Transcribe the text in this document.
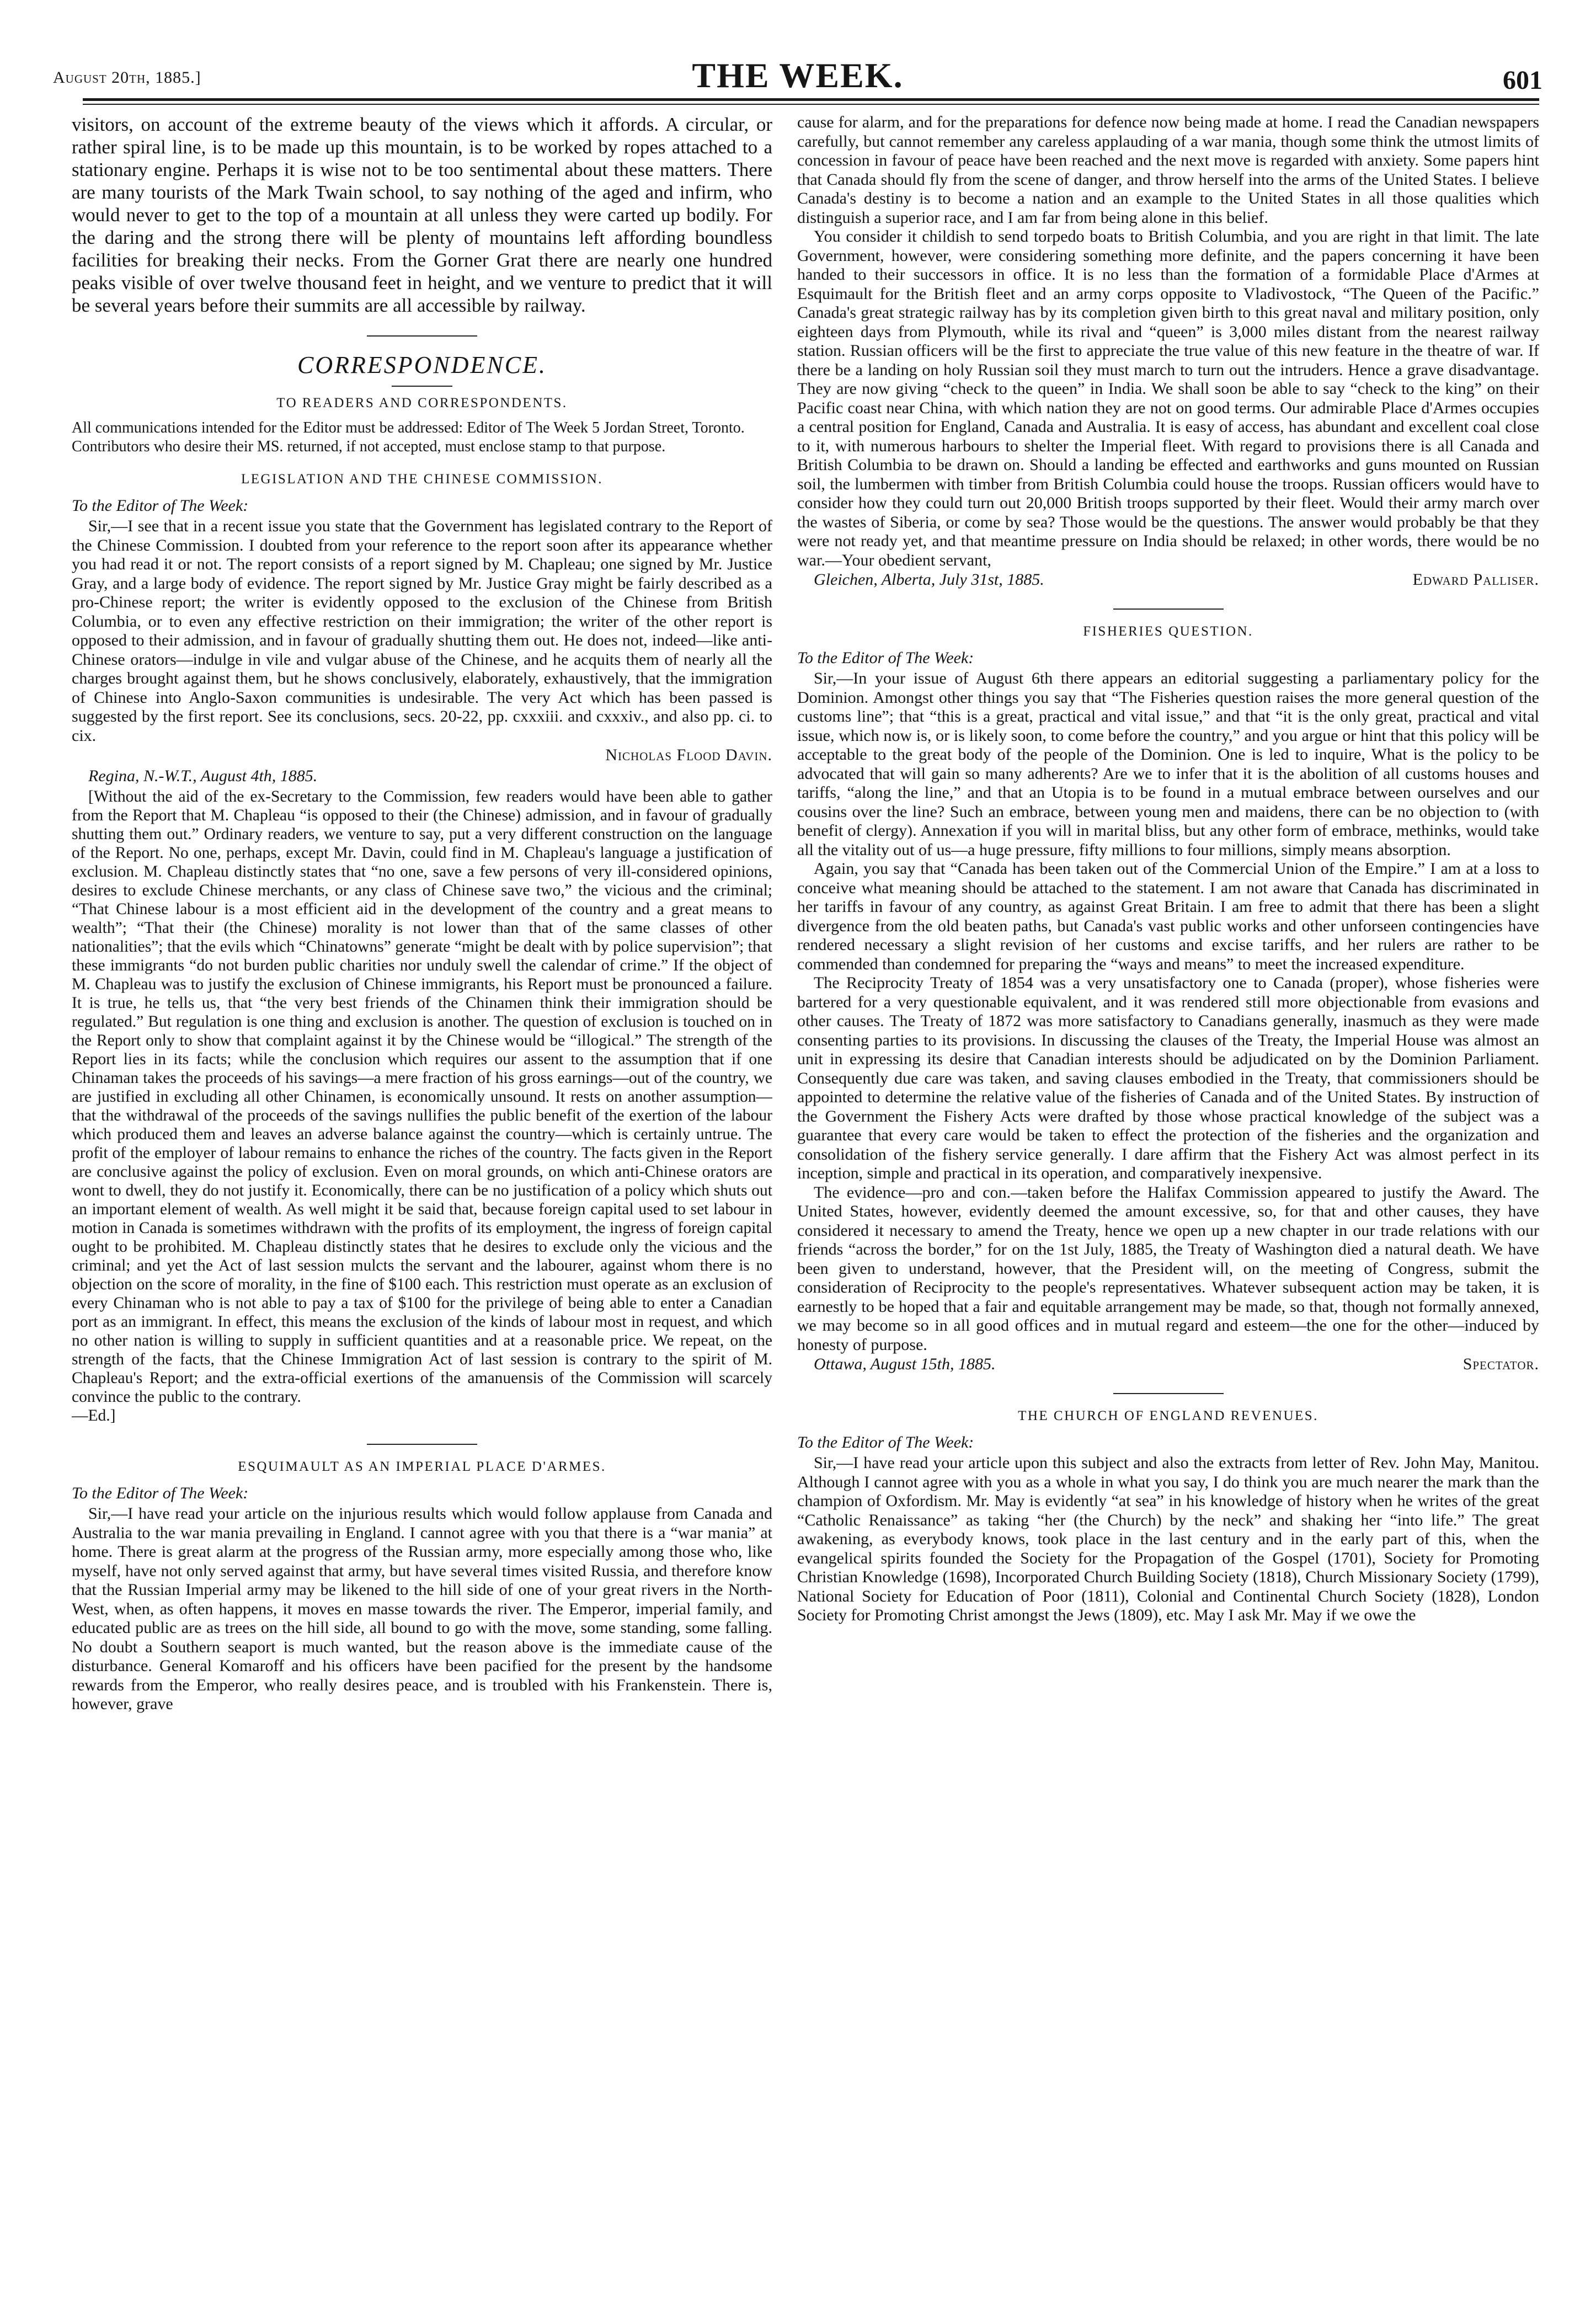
August 20th, 1885.]	THE WEEK.	601

visitors, on account of the extreme beauty of the views which it affords. A circular, or rather spiral line, is to be made up this mountain, is to be worked by ropes attached to a stationary engine. Perhaps it is wise not to be too sentimental about these matters. There are many tourists of the Mark Twain school, to say nothing of the aged and infirm, who would never to get to the top of a mountain at all unless they were carted up bodily. For the daring and the strong there will be plenty of mountains left affording boundless facilities for breaking their necks. From the Gorner Grat there are nearly one hundred peaks visible of over twelve thousand feet in height, and we venture to predict that it will be several years before their summits are all accessible by railway.

CORRESPONDENCE.
TO READERS AND CORRESPONDENTS.

All communications intended for the Editor must be addressed: Editor of The Week 5 Jordan Street, Toronto.

Contributors who desire their MS. returned, if not accepted, must enclose stamp to that purpose.

LEGISLATION AND THE CHINESE COMMISSION.
To the Editor of The Week:

Sir,—I see that in a recent issue you state that the Government has legislated contrary to the Report of the Chinese Commission. I doubted from your reference to the report soon after its appearance whether you had read it or not. The report consists of a report signed by M. Chapleau; one signed by Mr. Justice Gray, and a large body of evidence. The report signed by Mr. Justice Gray might be fairly described as a pro-Chinese report; the writer is evidently opposed to the exclusion of the Chinese from British Columbia, or to even any effective restriction on their immigration; the writer of the other report is opposed to their admission, and in favour of gradually shutting them out. He does not, indeed—like anti-Chinese orators—indulge in vile and vulgar abuse of the Chinese, and he acquits them of nearly all the charges brought against them, but he shows conclusively, elaborately, exhaustively, that the immigration of Chinese into Anglo-Saxon communities is undesirable. The very Act which has been passed is suggested by the first report. See its conclusions, secs. 20-22, pp. cxxxiii. and cxxxiv., and also pp. ci. to cix.

Nicholas Flood Davin.
Regina, N.-W.T., August 4th, 1885.

[Without the aid of the ex-Secretary to the Commission, few readers would have been able to gather from the Report that M. Chapleau “is opposed to their (the Chinese) admission, and in favour of gradually shutting them out.” Ordinary readers, we venture to say, put a very different construction on the language of the Report. No one, perhaps, except Mr. Davin, could find in M. Chapleau's language a justification of exclusion. M. Chapleau distinctly states that “no one, save a few persons of very ill-considered opinions, desires to exclude Chinese merchants, or any class of Chinese save two,” the vicious and the criminal; “That Chinese labour is a most efficient aid in the development of the country and a great means to wealth”; “That their (the Chinese) morality is not lower than that of the same classes of other nationalities”; that the evils which “Chinatowns” generate “might be dealt with by police supervision”; that these immigrants “do not burden public charities nor unduly swell the calendar of crime.” If the object of M. Chapleau was to justify the exclusion of Chinese immigrants, his Report must be pronounced a failure. It is true, he tells us, that “the very best friends of the Chinamen think their immigration should be regulated.” But regulation is one thing and exclusion is another. The question of exclusion is touched on in the Report only to show that complaint against it by the Chinese would be “illogical.” The strength of the Report lies in its facts; while the conclusion which requires our assent to the assumption that if one Chinaman takes the proceeds of his savings—a mere fraction of his gross earnings—out of the country, we are justified in excluding all other Chinamen, is economically unsound. It rests on another assumption—that the withdrawal of the proceeds of the savings nullifies the public benefit of the exertion of the labour which produced them and leaves an adverse balance against the country—which is certainly untrue. The profit of the employer of labour remains to enhance the riches of the country. The facts given in the Report are conclusive against the policy of exclusion. Even on moral grounds, on which anti-Chinese orators are wont to dwell, they do not justify it. Economically, there can be no justification of a policy which shuts out an important element of wealth. As well might it be said that, because foreign capital used to set labour in motion in Canada is sometimes withdrawn with the profits of its employment, the ingress of foreign capital ought to be prohibited. M. Chapleau distinctly states that he desires to exclude only the vicious and the criminal; and yet the Act of last session mulcts the servant and the labourer, against whom there is no objection on the score of morality, in the fine of $100 each. This restriction must operate as an exclusion of every Chinaman who is not able to pay a tax of $100 for the privilege of being able to enter a Canadian port as an immigrant. In effect, this means the exclusion of the kinds of labour most in request, and which no other nation is willing to supply in sufficient quantities and at a reasonable price. We repeat, on the strength of the facts, that the Chinese Immigration Act of last session is contrary to the spirit of M. Chapleau's Report; and the extra-official exertions of the amanuensis of the Commission will scarcely convince the public to the contrary.

—Ed.]

ESQUIMAULT AS AN IMPERIAL PLACE D'ARMES.
To the Editor of The Week:

Sir,—I have read your article on the injurious results which would follow applause from Canada and Australia to the war mania prevailing in England. I cannot agree with you that there is a “war mania” at home. There is great alarm at the progress of the Russian army, more especially among those who, like myself, have not only served against that army, but have several times visited Russia, and therefore know that the Russian Imperial army may be likened to the hill side of one of your great rivers in the North-West, when, as often happens, it moves en masse towards the river. The Emperor, imperial family, and educated public are as trees on the hill side, all bound to go with the move, some standing, some falling. No doubt a Southern seaport is much wanted, but the reason above is the immediate cause of the disturbance. General Komaroff and his officers have been pacified for the present by the handsome rewards from the Emperor, who really desires peace, and is troubled with his Frankenstein. There is, however, grave

cause for alarm, and for the preparations for defence now being made at home. I read the Canadian newspapers carefully, but cannot remember any careless applauding of a war mania, though some think the utmost limits of concession in favour of peace have been reached and the next move is regarded with anxiety. Some papers hint that Canada should fly from the scene of danger, and throw herself into the arms of the United States. I believe Canada's destiny is to become a nation and an example to the United States in all those qualities which distinguish a superior race, and I am far from being alone in this belief.

You consider it childish to send torpedo boats to British Columbia, and you are right in that limit. The late Government, however, were considering something more definite, and the papers concerning it have been handed to their successors in office. It is no less than the formation of a formidable Place d'Armes at Esquimault for the British fleet and an army corps opposite to Vladivostock, “The Queen of the Pacific.” Canada's great strategic railway has by its completion given birth to this great naval and military position, only eighteen days from Plymouth, while its rival and “queen” is 3,000 miles distant from the nearest railway station. Russian officers will be the first to appreciate the true value of this new feature in the theatre of war. If there be a landing on holy Russian soil they must march to turn out the intruders. Hence a grave disadvantage. They are now giving “check to the queen” in India. We shall soon be able to say “check to the king” on their Pacific coast near China, with which nation they are not on good terms. Our admirable Place d'Armes occupies a central position for England, Canada and Australia. It is easy of access, has abundant and excellent coal close to it, with numerous harbours to shelter the Imperial fleet. With regard to provisions there is all Canada and British Columbia to be drawn on. Should a landing be effected and earthworks and guns mounted on Russian soil, the lumbermen with timber from British Columbia could house the troops. Russian officers would have to consider how they could turn out 20,000 British troops supported by their fleet. Would their army march over the wastes of Siberia, or come by sea? Those would be the questions. The answer would probably be that they were not ready yet, and that meantime pressure on India should be relaxed; in other words, there would be no war.—Your obedient servant,

Gleichen, Alberta, July 31st, 1885.	Edward Palliser.
FISHERIES QUESTION.
To the Editor of The Week:

Sir,—In your issue of August 6th there appears an editorial suggesting a parliamentary policy for the Dominion. Amongst other things you say that “The Fisheries question raises the more general question of the customs line”; that “this is a great, practical and vital issue,” and that “it is the only great, practical and vital issue, which now is, or is likely soon, to come before the country,” and you argue or hint that this policy will be acceptable to the great body of the people of the Dominion. One is led to inquire, What is the policy to be advocated that will gain so many adherents? Are we to infer that it is the abolition of all customs houses and tariffs, “along the line,” and that an Utopia is to be found in a mutual embrace between ourselves and our cousins over the line? Such an embrace, between young men and maidens, there can be no objection to (with benefit of clergy). Annexation if you will in marital bliss, but any other form of embrace, methinks, would take all the vitality out of us—a huge pressure, fifty millions to four millions, simply means absorption.

Again, you say that “Canada has been taken out of the Commercial Union of the Empire.” I am at a loss to conceive what meaning should be attached to the statement. I am not aware that Canada has discriminated in her tariffs in favour of any country, as against Great Britain. I am free to admit that there has been a slight divergence from the old beaten paths, but Canada's vast public works and other unforseen contingencies have rendered necessary a slight revision of her customs and excise tariffs, and her rulers are rather to be commended than condemned for preparing the “ways and means” to meet the increased expenditure.

The Reciprocity Treaty of 1854 was a very unsatisfactory one to Canada (proper), whose fisheries were bartered for a very questionable equivalent, and it was rendered still more objectionable from evasions and other causes. The Treaty of 1872 was more satisfactory to Canadians generally, inasmuch as they were made consenting parties to its provisions. In discussing the clauses of the Treaty, the Imperial House was almost an unit in expressing its desire that Canadian interests should be adjudicated on by the Dominion Parliament. Consequently due care was taken, and saving clauses embodied in the Treaty, that commissioners should be appointed to determine the relative value of the fisheries of Canada and of the United States. By instruction of the Government the Fishery Acts were drafted by those whose practical knowledge of the subject was a guarantee that every care would be taken to effect the protection of the fisheries and the organization and consolidation of the fishery service generally. I dare affirm that the Fishery Act was almost perfect in its inception, simple and practical in its operation, and comparatively inexpensive.

The evidence—pro and con.—taken before the Halifax Commission appeared to justify the Award. The United States, however, evidently deemed the amount excessive, so, for that and other causes, they have considered it necessary to amend the Treaty, hence we open up a new chapter in our trade relations with our friends “across the border,” for on the 1st July, 1885, the Treaty of Washington died a natural death. We have been given to understand, however, that the President will, on the meeting of Congress, submit the consideration of Reciprocity to the people's representatives. Whatever subsequent action may be taken, it is earnestly to be hoped that a fair and equitable arrangement may be made, so that, though not formally annexed, we may become so in all good offices and in mutual regard and esteem—the one for the other—induced by honesty of purpose.

Ottawa, August 15th, 1885.	Spectator.
THE CHURCH OF ENGLAND REVENUES.
To the Editor of The Week:

Sir,—I have read your article upon this subject and also the extracts from letter of Rev. John May, Manitou. Although I cannot agree with you as a whole in what you say, I do think you are much nearer the mark than the champion of Oxfordism. Mr. May is evidently “at sea” in his knowledge of history when he writes of the great “Catholic Renaissance” as taking “her (the Church) by the neck” and shaking her “into life.” The great awakening, as everybody knows, took place in the last century and in the early part of this, when the evangelical spirits founded the Society for the Propagation of the Gospel (1701), Society for Promoting Christian Knowledge (1698), Incorporated Church Building Society (1818), Church Missionary Society (1799), National Society for Education of Poor (1811), Colonial and Continental Church Society (1828), London Society for Promoting Christ amongst the Jews (1809), etc. May I ask Mr. May if we owe the
